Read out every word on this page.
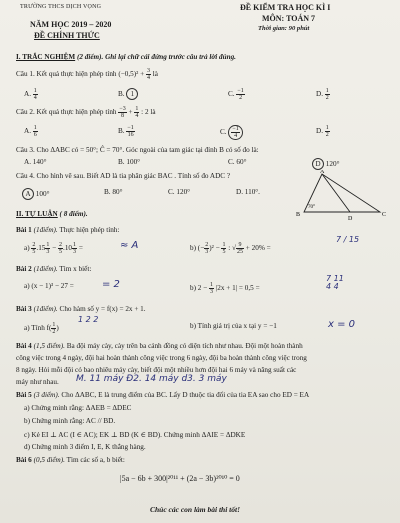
TRƯỜNG THCS DỊCH VỌNG
NĂM HỌC 2019 – 2020
ĐỀ CHÍNH THỨC
ĐỀ KIỂM TRA HỌC KÌ I
MÔN: TOÁN 7
Thời gian: 90 phút
I. TRẮC NGHIỆM (2 điểm). Ghi lại chữ cái đứng trước câu trả lời đúng.
Câu 1. Kết quả thực hiện phép tính $(-0,5)^2 + \frac{3}{4}$ là
A. $\frac{1}{4}$	B. 1	C. $\frac{-1}{2}$	D. $\frac{1}{2}$
Câu 2. Kết quả thực hiện phép tính $\frac{-3}{8} + \frac{1}{4}$ : 2 là
A. $\frac{1}{6}$	B. $\frac{-1}{16}$	C. $\frac{-1}{4}$	D. $\frac{1}{2}$
Câu 3. Cho ΔABC có = 50°; Ĉ = 70°. Góc ngoài của tam giác tại đỉnh B có số đo là:
A. 140°	B. 100°	C. 60°	D 120°
Câu 4. Cho hình vẽ sau. Biết AD là tia phân giác BAC . Tính số đo ADC ?
A 100°	B. 80°	C. 120°	D. 110°.
A
B
D
C
70°
II. TỰ LUẬN ( 8 điểm).
Bài 1 (1điểm). Thực hiện phép tính:
$a) \frac{2}{5} .15 \frac{1}{3} - \frac{2}{5} .10 \frac{1}{3}$ =	≈ A	b) (− $\frac{2}{3} )^2 - \frac{1}{5}$ : √ $\frac{9}{25} + 20\%$ =
7 / 15
Bài 2 (1điểm). Tìm x biết:
a) (x − 1)³ − 27 =	= 2	b) $2 - \frac{1}{3} |2x + 1| = 0,5$ =
7 11
4 4
Bài 3 (1điểm). Cho hàm số y = f(x) = 2x + 1.
a) Tính $f( \frac{1}{2}$ )
1 2 2
b) Tính giá trị của x tại y = −1	x = 0
Bài 4 (1,5 điểm). Ba đội máy cày, cày trên ba cánh đồng có diện tích như nhau. Đội một hoàn thành
công việc trong 4 ngày, đội hai hoàn thành công việc trong 6 ngày, đội ba hoàn thành công việc trong
8 ngày. Hỏi mỗi đội có bao nhiêu máy cày, biết đội một nhiều hơn đội hai 6 máy và năng suất các
máy như nhau. M. 11 máy Đ2. 14 máy d3. 3 máy
Bài 5 (3 điểm). Cho ΔABC, E là trung điểm của BC. Lấy D thuộc tia đối của tia EA sao cho ED = EA
a) Chứng minh rằng: ΔAEB = ΔDEC
b) Chứng minh rằng: AC // BD.
c) Kẻ EI ⊥ AC (I ∈ AC); EK ⊥ BD (K ∈ BD). Chứng minh ΔAIE = ΔDKE
d) Chứng minh 3 điểm I, E, K thẳng hàng.
Bài 6 (0,5 điểm). Tìm các số a, b biết:
|5a − 6b + 300|²⁰¹¹ + (2a − 3b)²⁰¹⁰ = 0
Chúc các con làm bài thi tốt!
